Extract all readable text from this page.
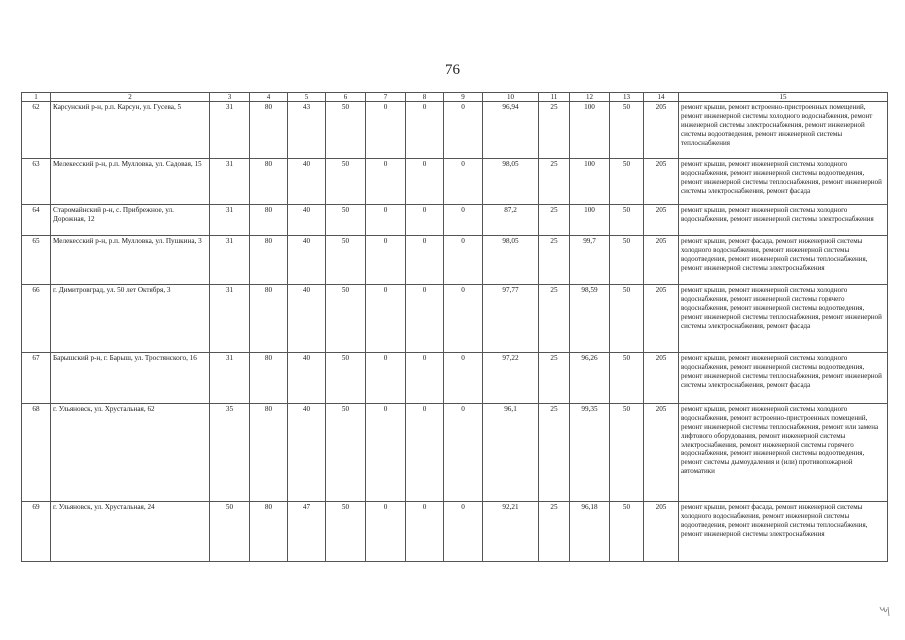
76
1	2	3	4	5	6	7	8	9	10	11	12	13	14	15
62	Карсунский р-н, р.п. Карсун, ул. Гусева, 5	31	80	43	50	0	0	0	96,94	25	100	50	205	ремонт крыши, ремонт встроенно-пристроенных помещений, ремонт инженерной системы холодного водоснабжения, ремонт инженерной системы электроснабжения, ремонт инженерной системы водоотведения, ремонт инженерной системы теплоснабжения
63	Мелекесский р-н, р.п. Мулловка, ул. Садовая, 15	31	80	40	50	0	0	0	98,05	25	100	50	205	ремонт крыши, ремонт инженерной системы холодного водоснабжения, ремонт инженерной системы водоотведения, ремонт инженерной системы теплоснабжения, ремонт инженерной системы электроснабжения, ремонт фасада
64	Старомайнский р-н, с. Прибрежное, ул. Дорожная, 12	31	80	40	50	0	0	0	87,2	25	100	50	205	ремонт крыши, ремонт инженерной системы холодного водоснабжения, ремонт инженерной системы электроснабжения
65	Мелекесский р-н, р.п. Мулловка, ул. Пушкина, 3	31	80	40	50	0	0	0	98,05	25	99,7	50	205	ремонт крыши, ремонт фасада, ремонт инженерной системы холодного водоснабжения, ремонт инженерной системы водоотведения, ремонт инженерной системы теплоснабжения, ремонт инженерной системы электроснабжения
66	г. Димитровград, ул. 50 лет Октября, 3	31	80	40	50	0	0	0	97,77	25	98,59	50	205	ремонт крыши, ремонт инженерной системы холодного водоснабжения, ремонт инженерной системы горячего водоснабжения, ремонт инженерной системы водоотведения, ремонт инженерной системы теплоснабжения, ремонт инженерной системы электроснабжения, ремонт фасада
67	Барышский р-н, г. Барыш, ул. Тростянского, 16	31	80	40	50	0	0	0	97,22	25	96,26	50	205	ремонт крыши, ремонт инженерной системы холодного водоснабжения, ремонт инженерной системы водоотведения, ремонт инженерной системы теплоснабжения, ремонт инженерной системы электроснабжения, ремонт фасада
68	г. Ульяновск, ул. Хрустальная, 62	35	80	40	50	0	0	0	96,1	25	99,35	50	205	ремонт крыши, ремонт инженерной системы холодного водоснабжения, ремонт встроенно-пристроенных помещений, ремонт инженерной системы теплоснабжения, ремонт или замена лифтового оборудования, ремонт инженерной системы электроснабжения, ремонт инженерной системы горячего водоснабжения, ремонт инженерной системы водоотведения, ремонт системы дымоудаления и (или) противопожарной автоматики
69	г. Ульяновск, ул. Хрустальная, 24	50	80	47	50	0	0	0	92,21	25	96,18	50	205	ремонт крыши, ремонт фасада, ремонт инженерной системы холодного водоснабжения, ремонт инженерной системы водоотведения, ремонт инженерной системы теплоснабжения, ремонт инженерной системы электроснабжения
